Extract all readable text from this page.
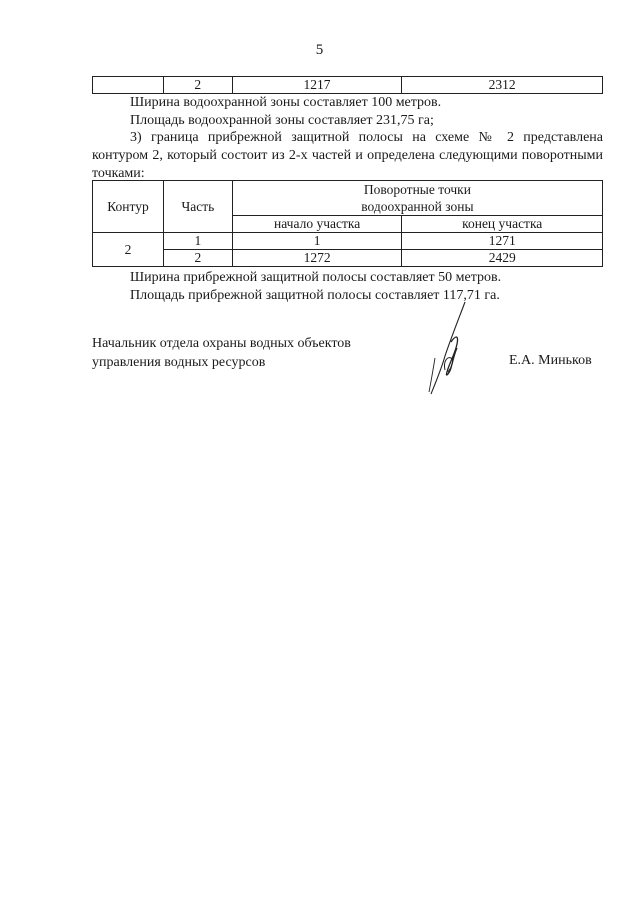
5
	2	1217	2312
Ширина водоохранной зоны составляет 100 метров.
Площадь водоохранной зоны составляет 231,75 га;
3) граница прибрежной защитной полосы на схеме № 2 представлена контуром 2, который состоит из 2-х частей и определена следующими поворотными точками:
Контур	Часть	Поворотные точки
водоохранной зоны	
		начало участка	конец участка
2	1	1	1271
	2	1272	2429
Ширина прибрежной защитной полосы составляет 50 метров.
Площадь прибрежной защитной полосы составляет 117,71 га.
Начальник отдела охраны водных объектов
управления водных ресурсов	Е.А. Миньков
